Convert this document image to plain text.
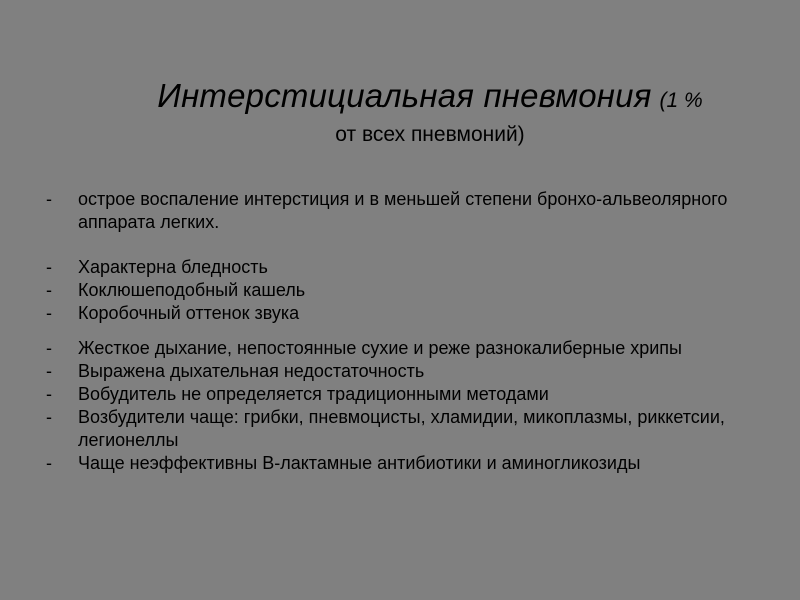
Интерстициальная пневмония (1 %
от всех пневмоний)
- острое воспаление интерстиция и в меньшей степени бронхо-альвеолярного аппарата легких.
- Характерна бледность
- Коклюшеподобный кашель
- Коробочный оттенок звука
- Жесткое дыхание, непостоянные сухие и реже разнокалиберные хрипы
- Выражена дыхательная недостаточность
- Вобудитель не определяется традиционными методами
- Возбудители чаще: грибки, пневмоцисты, хламидии, микоплазмы, риккетсии, легионеллы
- Чаще неэффективны B-лактамные антибиотики и аминогликозиды
